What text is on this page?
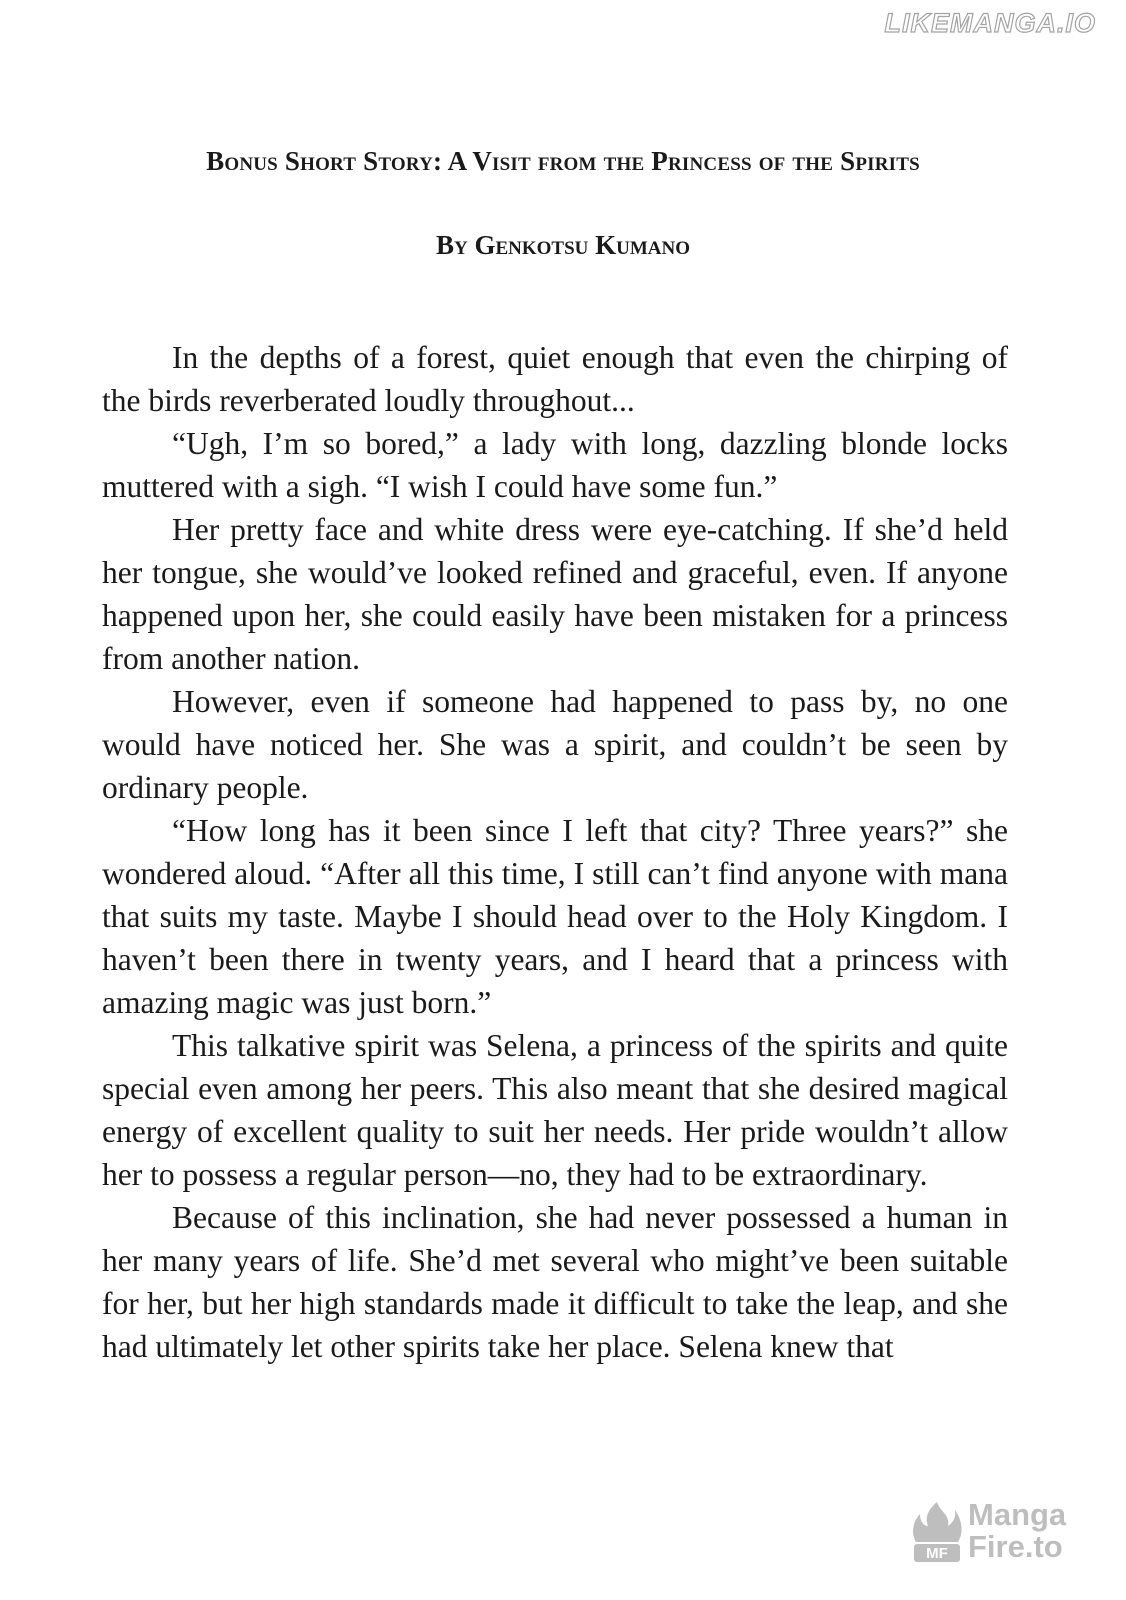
LIKEMANGA.IO
Bonus Short Story: A Visit from the Princess of the Spirits
By Genkotsu Kumano

In the depths of a forest, quiet enough that even the chirping of the birds reverberated loudly throughout...

“Ugh, I’m so bored,” a lady with long, dazzling blonde locks muttered with a sigh. “I wish I could have some fun.”

Her pretty face and white dress were eye-catching. If she’d held her tongue, she would’ve looked refined and graceful, even. If anyone happened upon her, she could easily have been mistaken for a princess from another nation.

However, even if someone had happened to pass by, no one would have noticed her. She was a spirit, and couldn’t be seen by ordinary people.

“How long has it been since I left that city? Three years?” she wondered aloud. “After all this time, I still can’t find anyone with mana that suits my taste. Maybe I should head over to the Holy Kingdom. I haven’t been there in twenty years, and I heard that a princess with amazing magic was just born.”

This talkative spirit was Selena, a princess of the spirits and quite special even among her peers. This also meant that she desired magical energy of excellent quality to suit her needs. Her pride wouldn’t allow her to possess a regular person—no, they had to be extraordinary.

Because of this inclination, she had never possessed a human in her many years of life. She’d met several who might’ve been suitable for her, but her high standards made it difficult to take the leap, and she had ultimately let other spirits take her place. Selena knew that

MF
Manga
Fire.to
